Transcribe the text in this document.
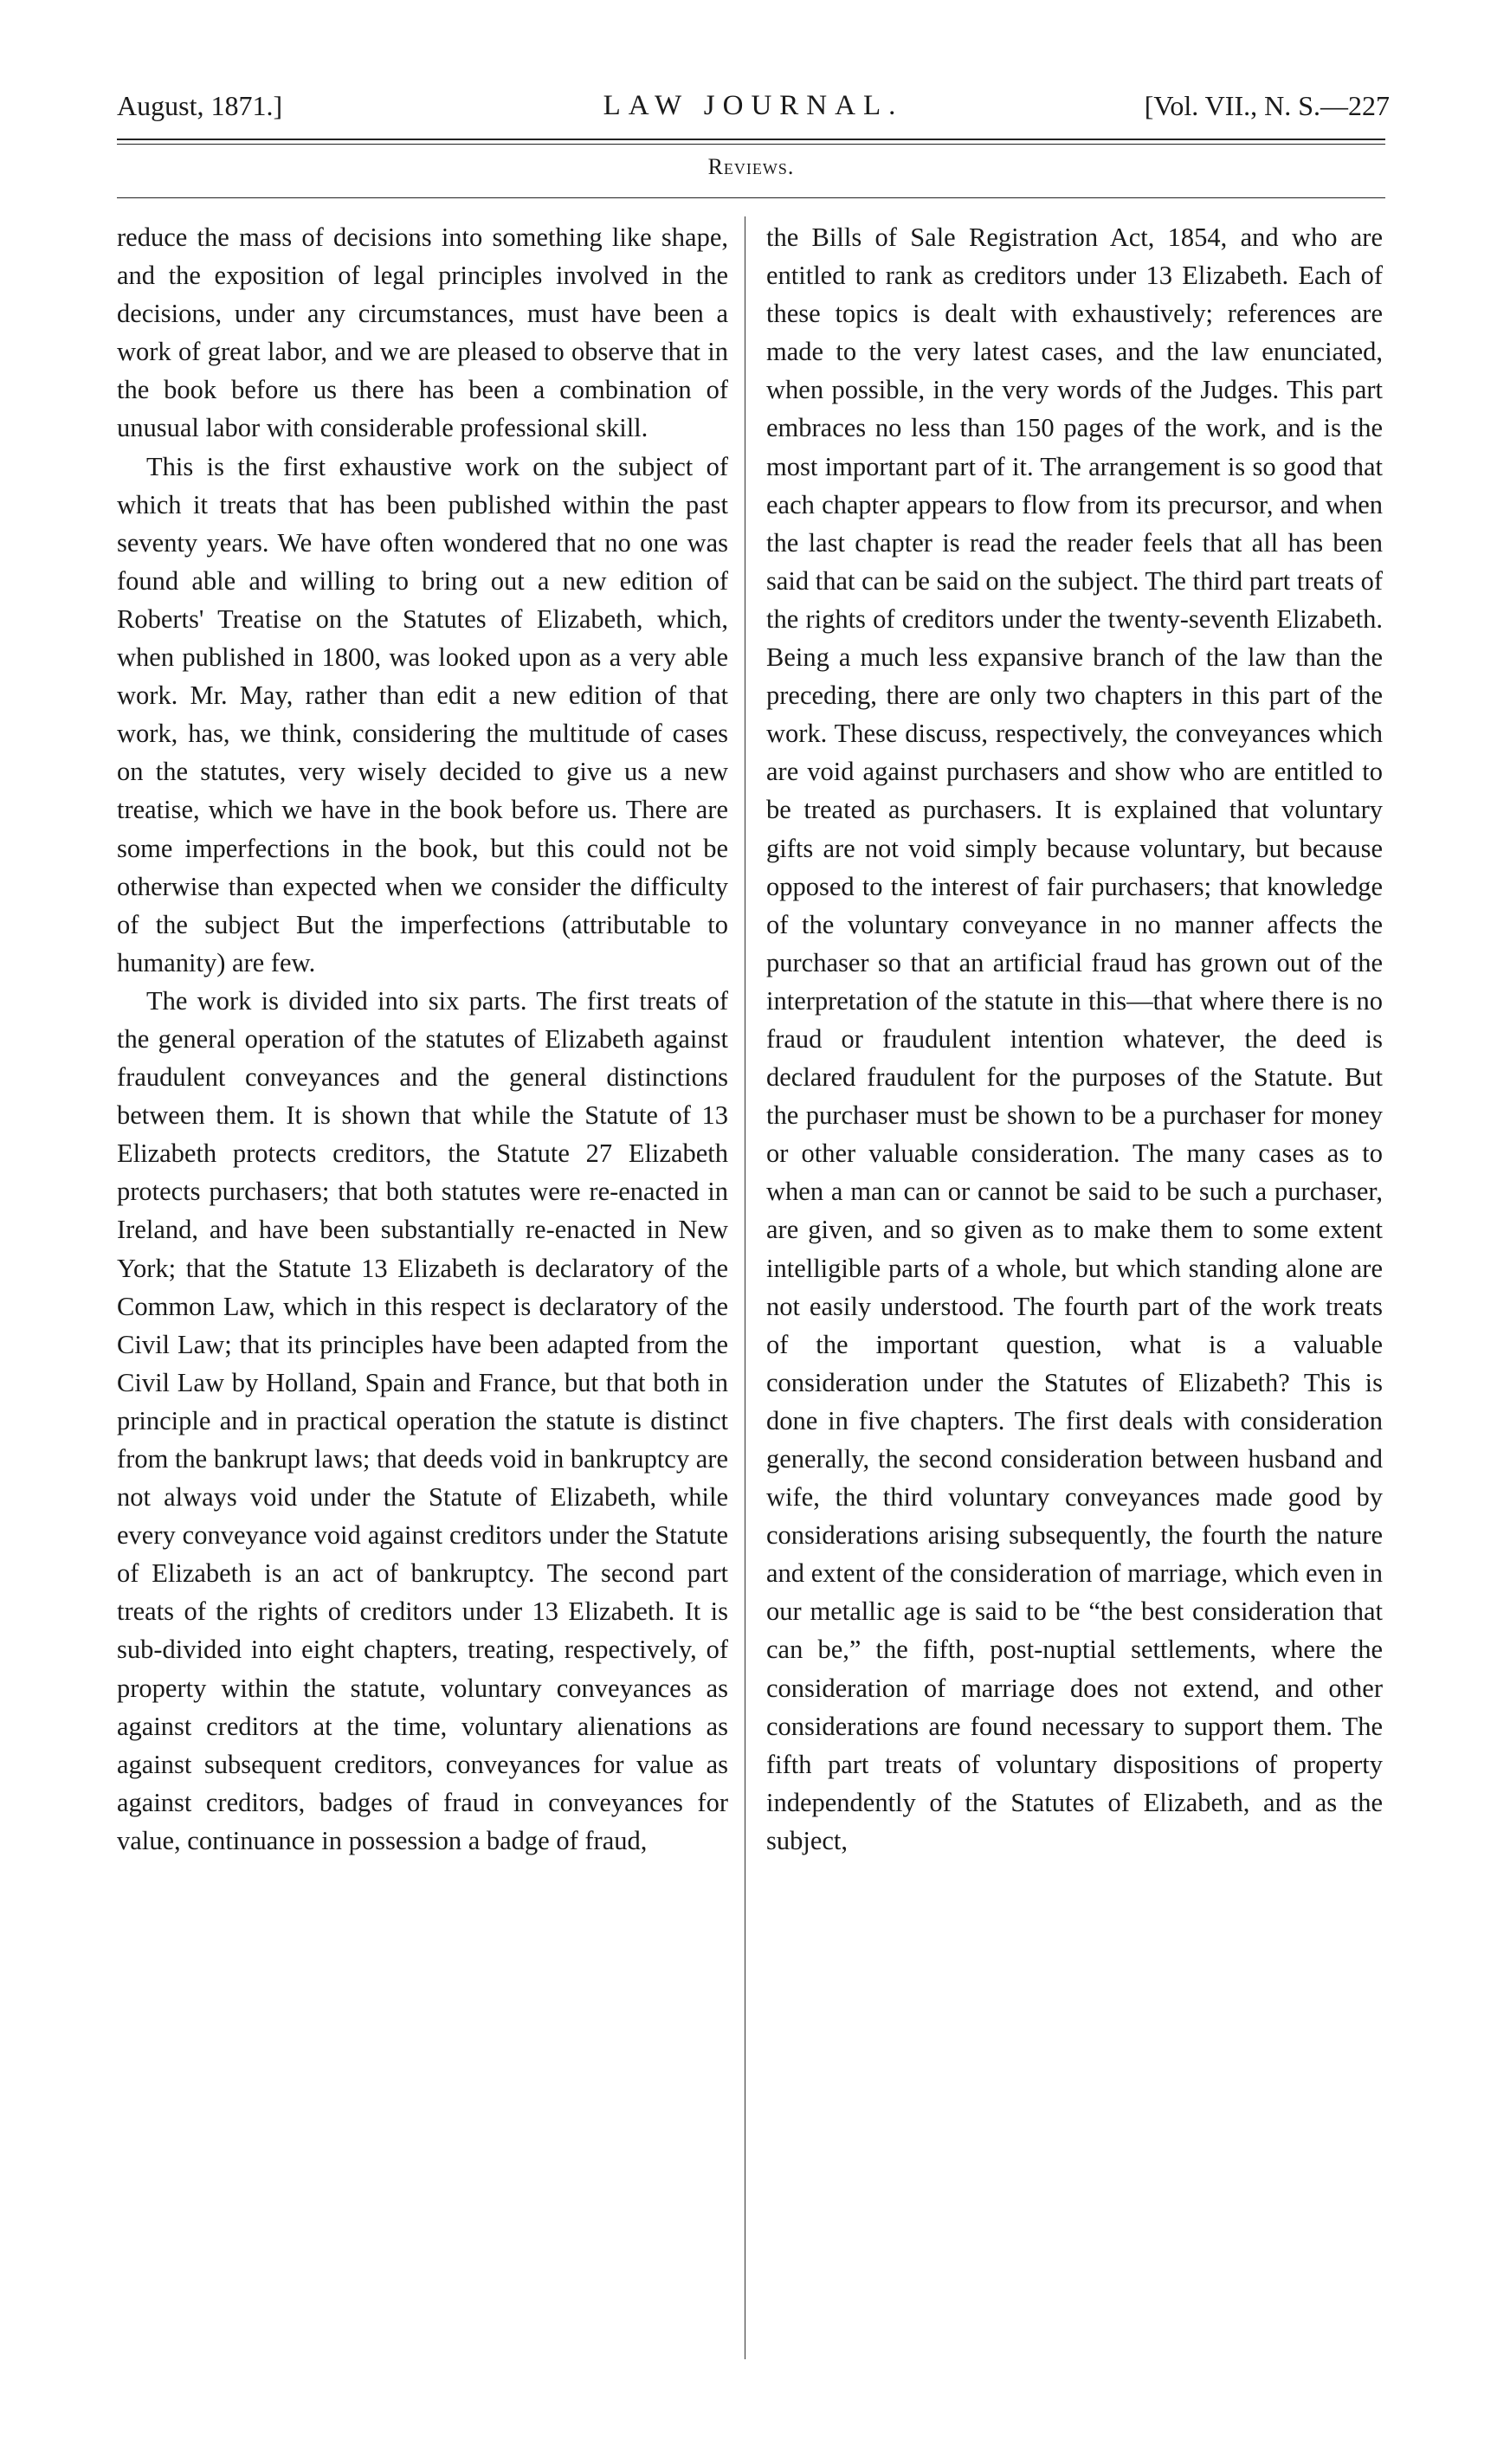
August, 1871.]	LAW JOURNAL.	[Vol. VII., N. S.—227
Reviews.

reduce the mass of decisions into something like shape, and the exposition of legal principles involved in the decisions, under any circumstances, must have been a work of great labor, and we are pleased to observe that in the book before us there has been a combination of unusual labor with considerable professional skill.

This is the first exhaustive work on the subject of which it treats that has been published within the past seventy years. We have often wondered that no one was found able and willing to bring out a new edition of Roberts' Treatise on the Statutes of Elizabeth, which, when published in 1800, was looked upon as a very able work. Mr. May, rather than edit a new edition of that work, has, we think, considering the multitude of cases on the statutes, very wisely decided to give us a new treatise, which we have in the book before us. There are some imperfections in the book, but this could not be otherwise than expected when we consider the difficulty of the subject But the imperfections (attributable to humanity) are few.

The work is divided into six parts. The first treats of the general operation of the statutes of Elizabeth against fraudulent conveyances and the general distinctions between them. It is shown that while the Statute of 13 Elizabeth protects creditors, the Statute 27 Elizabeth protects purchasers; that both statutes were re-enacted in Ireland, and have been substantially re-enacted in New York; that the Statute 13 Elizabeth is declaratory of the Common Law, which in this respect is declaratory of the Civil Law; that its principles have been adapted from the Civil Law by Holland, Spain and France, but that both in principle and in practical operation the statute is distinct from the bankrupt laws; that deeds void in bankruptcy are not always void under the Statute of Elizabeth, while every conveyance void against creditors under the Statute of Elizabeth is an act of bankruptcy. The second part treats of the rights of creditors under 13 Elizabeth. It is sub-divided into eight chapters, treating, respectively, of property within the statute, voluntary conveyances as against creditors at the time, voluntary alienations as against subsequent creditors, conveyances for value as against creditors, badges of fraud in conveyances for value, continuance in possession a badge of fraud,

the Bills of Sale Registration Act, 1854, and who are entitled to rank as creditors under 13 Elizabeth. Each of these topics is dealt with exhaustively; references are made to the very latest cases, and the law enunciated, when possible, in the very words of the Judges. This part embraces no less than 150 pages of the work, and is the most important part of it. The arrangement is so good that each chapter appears to flow from its precursor, and when the last chapter is read the reader feels that all has been said that can be said on the subject. The third part treats of the rights of creditors under the twenty-seventh Elizabeth. Being a much less expansive branch of the law than the preceding, there are only two chapters in this part of the work. These discuss, respectively, the conveyances which are void against purchasers and show who are entitled to be treated as purchasers. It is explained that voluntary gifts are not void simply because voluntary, but because opposed to the interest of fair purchasers; that knowledge of the voluntary conveyance in no manner affects the purchaser so that an artificial fraud has grown out of the interpretation of the statute in this—that where there is no fraud or fraudulent intention whatever, the deed is declared fraudulent for the purposes of the Statute. But the purchaser must be shown to be a purchaser for money or other valuable consideration. The many cases as to when a man can or cannot be said to be such a purchaser, are given, and so given as to make them to some extent intelligible parts of a whole, but which standing alone are not easily understood. The fourth part of the work treats of the important question, what is a valuable consideration under the Statutes of Elizabeth? This is done in five chapters. The first deals with consideration generally, the second consideration between husband and wife, the third voluntary conveyances made good by considerations arising subsequently, the fourth the nature and extent of the consideration of marriage, which even in our metallic age is said to be “the best consideration that can be,” the fifth, post-nuptial settlements, where the consideration of marriage does not extend, and other considerations are found necessary to support them. The fifth part treats of voluntary dispositions of property independently of the Statutes of Elizabeth, and as the subject,
